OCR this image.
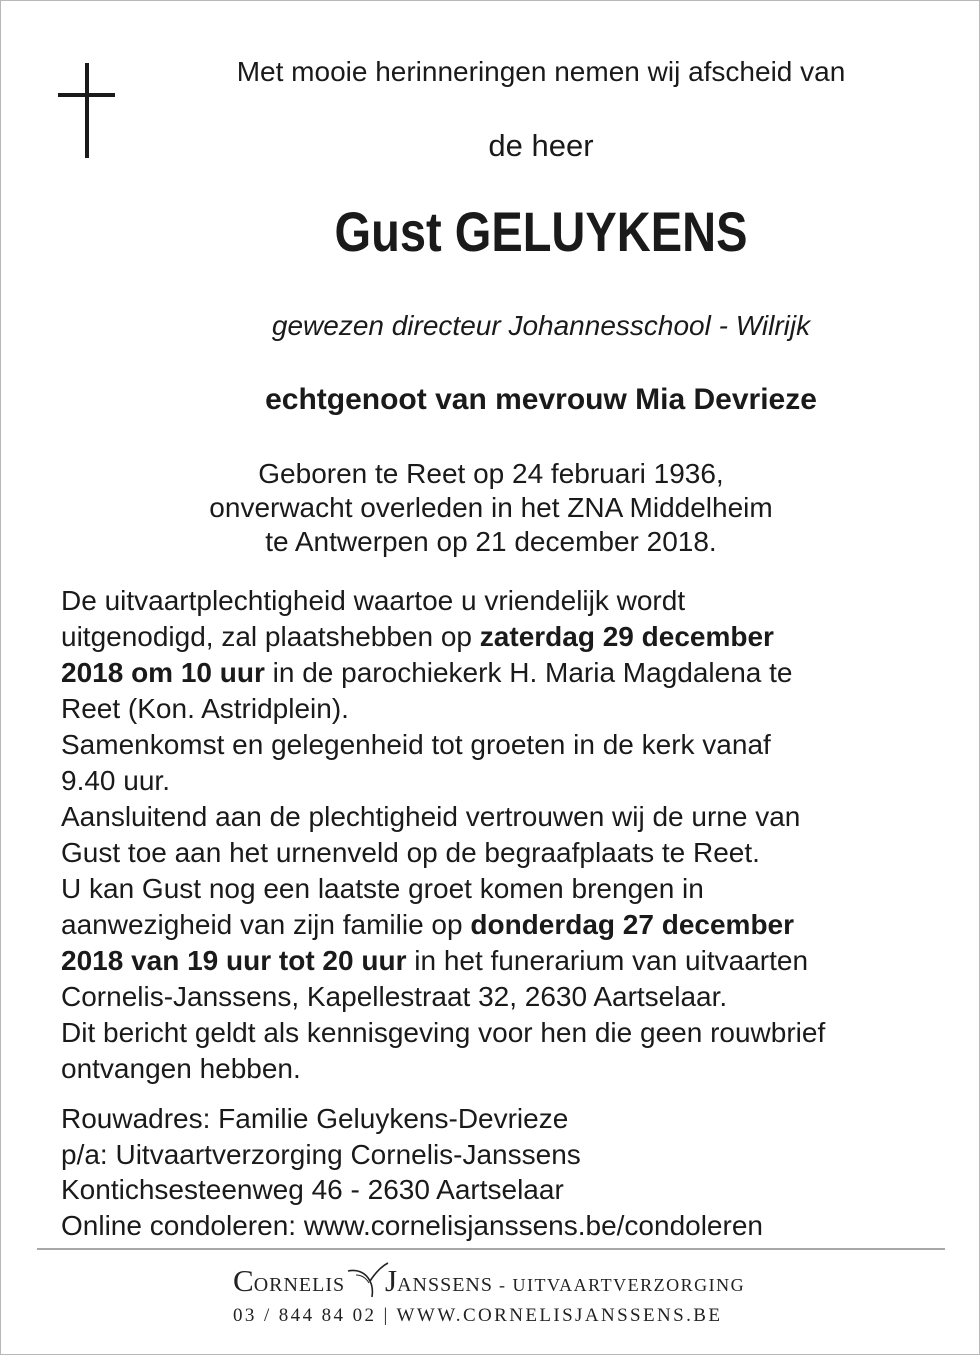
Met mooie herinneringen nemen wij afscheid van
de heer
Gust GELUYKENS
gewezen directeur Johannesschool - Wilrijk
echtgenoot van mevrouw Mia Devrieze
Geboren te Reet op 24 februari 1936,
onverwacht overleden in het ZNA Middelheim
te Antwerpen op 21 december 2018.
De uitvaartplechtigheid waartoe u vriendelijk wordt
uitgenodigd, zal plaatshebben op zaterdag 29 december
2018 om 10 uur in de parochiekerk H. Maria Magdalena te
Reet (Kon. Astridplein).
Samenkomst en gelegenheid tot groeten in de kerk vanaf
9.40 uur.
Aansluitend aan de plechtigheid vertrouwen wij de urne van
Gust toe aan het urnenveld op de begraafplaats te Reet.
U kan Gust nog een laatste groet komen brengen in
aanwezigheid van zijn familie op donderdag 27 december
2018 van 19 uur tot 20 uur in het funerarium van uitvaarten
Cornelis-Janssens, Kapellestraat 32, 2630 Aartselaar.
Dit bericht geldt als kennisgeving voor hen die geen rouwbrief
ontvangen hebben.
Rouwadres: Familie Geluykens-Devrieze
p/a: Uitvaartverzorging Cornelis-Janssens
Kontichsesteenweg 46 - 2630 Aartselaar
Online condoleren: www.cornelisjanssens.be/condoleren
CORNELIS JANSSENS - UITVAARTVERZORGING
03 / 844 84 02 | WWW.CORNELISJANSSENS.BE
